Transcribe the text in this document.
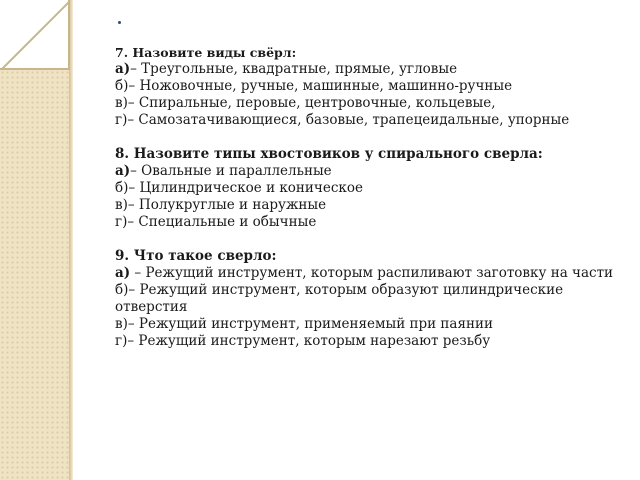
7. Назовите виды свёрл:
а)– Треугольные, квадратные, прямые, угловые
б)– Ножовочные, ручные, машинные, машинно-ручные
в)– Спиральные, перовые, центровочные, кольцевые,
г)– Самозатачивающиеся, базовые, трапецеидальные, упорные
8. Назовите типы хвостовиков у спирального сверла:
а)– Овальные и параллельные
б)– Цилиндрическое и коническое
в)– Полукруглые и наружные
г)– Специальные и обычные
9. Что такое сверло:
а) – Режущий инструмент, которым распиливают заготовку на части
б)– Режущий инструмент, которым образуют цилиндрические отверстия
в)– Режущий инструмент, применяемый при паянии
г)– Режущий инструмент, которым нарезают резьбу
